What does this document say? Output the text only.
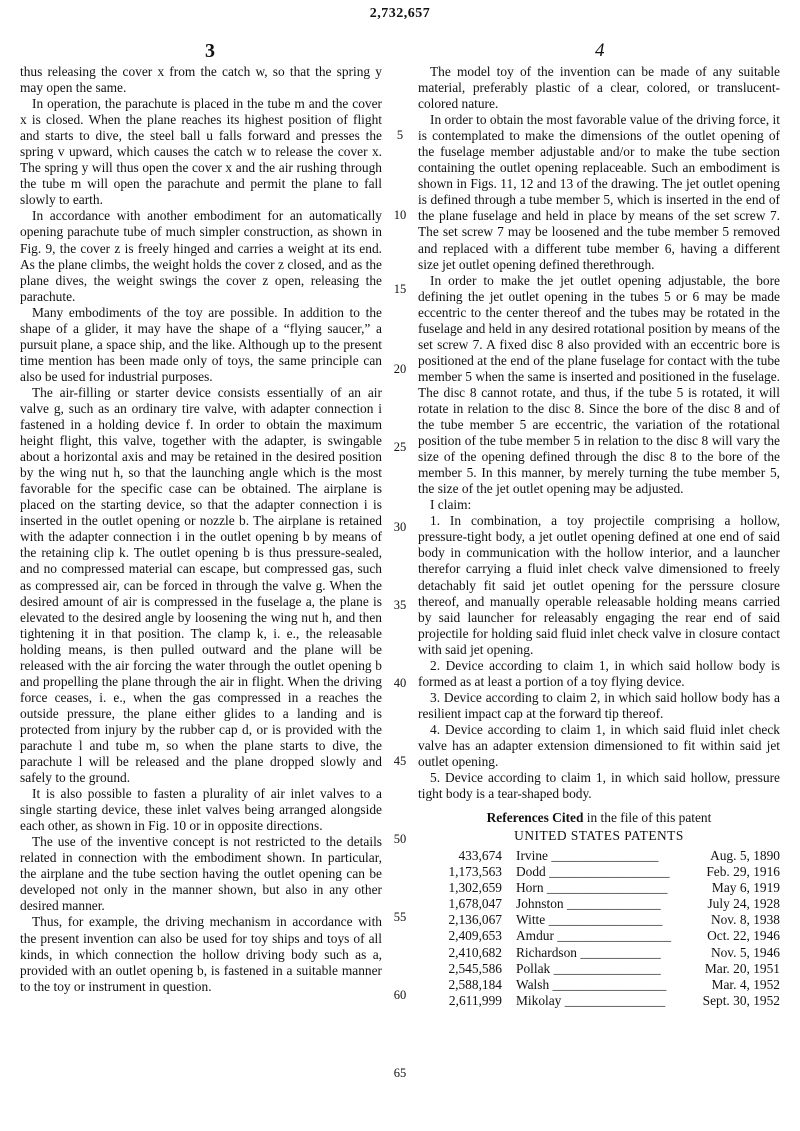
2,732,657
3	4

thus releasing the cover x from the catch w, so that the spring y may open the same.

In operation, the parachute is placed in the tube m and the cover x is closed. When the plane reaches its highest position of flight and starts to dive, the steel ball u falls forward and presses the spring v upward, which causes the catch w to release the cover x. The spring y will thus open the cover x and the air rushing through the tube m will open the parachute and permit the plane to fall slowly to earth.

In accordance with another embodiment for an automatically opening parachute tube of much simpler construction, as shown in Fig. 9, the cover z is freely hinged and carries a weight at its end. As the plane climbs, the weight holds the cover z closed, and as the plane dives, the weight swings the cover z open, releasing the parachute.

Many embodiments of the toy are possible. In addition to the shape of a glider, it may have the shape of a “flying saucer,” a pursuit plane, a space ship, and the like. Although up to the present time mention has been made only of toys, the same principle can also be used for industrial purposes.

The air-filling or starter device consists essentially of an air valve g, such as an ordinary tire valve, with adapter connection i fastened in a holding device f. In order to obtain the maximum height flight, this valve, together with the adapter, is swingable about a horizontal axis and may be retained in the desired position by the wing nut h, so that the launching angle which is the most favorable for the specific case can be obtained. The airplane is placed on the starting device, so that the adapter connection i is inserted in the outlet opening or nozzle b. The airplane is retained with the adapter connection i in the outlet opening b by means of the retaining clip k. The outlet opening b is thus pressure-sealed, and no compressed material can escape, but compressed gas, such as compressed air, can be forced in through the valve g. When the desired amount of air is compressed in the fuselage a, the plane is elevated to the desired angle by loosening the wing nut h, and then tightening it in that position. The clamp k, i. e., the releasable holding means, is then pulled outward and the plane will be released with the air forcing the water through the outlet opening b and propelling the plane through the air in flight. When the driving force ceases, i. e., when the gas compressed in a reaches the outside pressure, the plane either glides to a landing and is protected from injury by the rubber cap d, or is provided with the parachute l and tube m, so when the plane starts to dive, the parachute l will be released and the plane dropped slowly and safely to the ground.

It is also possible to fasten a plurality of air inlet valves to a single starting device, these inlet valves being arranged alongside each other, as shown in Fig. 10 or in opposite directions.

The use of the inventive concept is not restricted to the details related in connection with the embodiment shown. In particular, the airplane and the tube section having the outlet opening can be developed not only in the manner shown, but also in any other desired manner.

Thus, for example, the driving mechanism in accordance with the present invention can also be used for toy ships and toys of all kinds, in which connection the hollow driving body such as a, provided with an outlet opening b, is fastened in a suitable manner to the toy or instrument in question.

5
10
15
20
25
30
35
40
45
50
55
60
65

The model toy of the invention can be made of any suitable material, preferably plastic of a clear, colored, or translucent-colored nature.

In order to obtain the most favorable value of the driving force, it is contemplated to make the dimensions of the outlet opening of the fuselage member adjustable and/or to make the tube section containing the outlet opening replaceable. Such an embodiment is shown in Figs. 11, 12 and 13 of the drawing. The jet outlet opening is defined through a tube member 5, which is inserted in the end of the plane fuselage and held in place by means of the set screw 7. The set screw 7 may be loosened and the tube member 5 removed and replaced with a different tube member 6, having a different size jet outlet opening defined therethrough.

In order to make the jet outlet opening adjustable, the bore defining the jet outlet opening in the tubes 5 or 6 may be made eccentric to the center thereof and the tubes may be rotated in the fuselage and held in any desired rotational position by means of the set screw 7. A fixed disc 8 also provided with an eccentric bore is positioned at the end of the plane fuselage for contact with the tube member 5 when the same is inserted and positioned in the fuselage. The disc 8 cannot rotate, and thus, if the tube 5 is rotated, it will rotate in relation to the disc 8. Since the bore of the disc 8 and of the tube member 5 are eccentric, the variation of the rotational position of the tube member 5 in relation to the disc 8 will vary the size of the opening defined through the disc 8 to the bore of the member 5. In this manner, by merely turning the tube member 5, the size of the jet outlet opening may be adjusted.

I claim:

1. In combination, a toy projectile comprising a hollow, pressure-tight body, a jet outlet opening defined at one end of said body in communication with the hollow interior, and a launcher therefor carrying a fluid inlet check valve dimensioned to freely detachably fit said jet outlet opening for the perssure closure thereof, and manually operable releasable holding means carried by said launcher for releasably engaging the rear end of said projectile for holding said fluid inlet check valve in closure contact with said jet opening.

2. Device according to claim 1, in which said hollow body is formed as at least a portion of a toy flying device.

3. Device according to claim 2, in which said hollow body has a resilient impact cap at the forward tip thereof.

4. Device according to claim 1, in which said fluid inlet check valve has an adapter extension dimensioned to fit within said jet outlet opening.

5. Device according to claim 1, in which said hollow, pressure tight body is a tear-shaped body.

References Cited in the file of this patent
UNITED STATES PATENTS
433,674	Irvine ________________	Aug. 5, 1890
1,173,563	Dodd __________________	Feb. 29, 1916
1,302,659	Horn __________________	May 6, 1919
1,678,047	Johnston ______________	July 24, 1928
2,136,067	Witte _________________	Nov. 8, 1938
2,409,653	Amdur _________________	Oct. 22, 1946
2,410,682	Richardson ____________	Nov. 5, 1946
2,545,586	Pollak ________________	Mar. 20, 1951
2,588,184	Walsh _________________	Mar. 4, 1952
2,611,999	Mikolay _______________	Sept. 30, 1952
